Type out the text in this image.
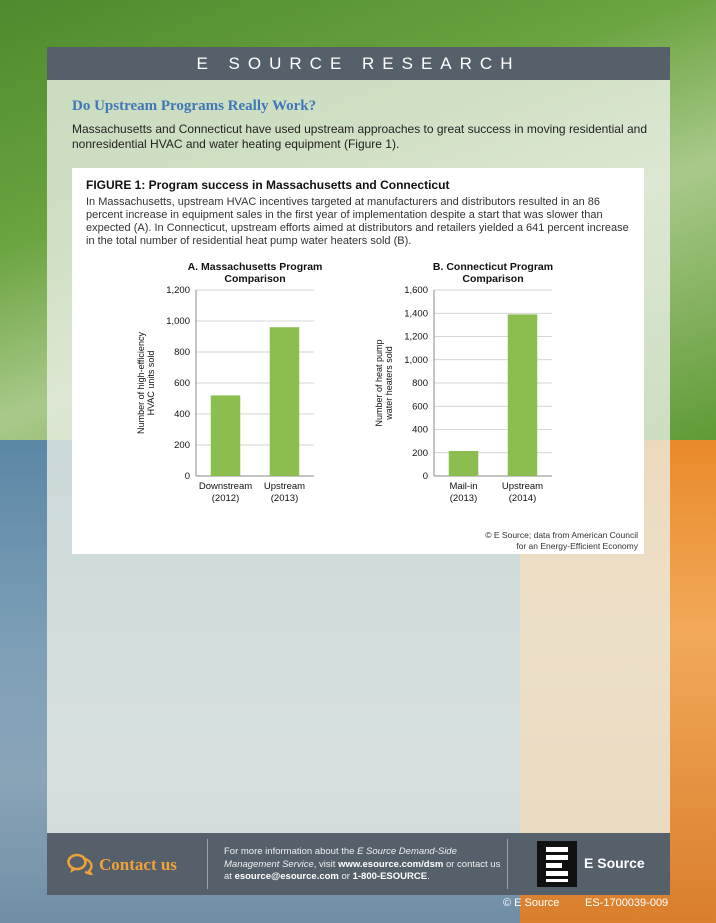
E SOURCE RESEARCH
Do Upstream Programs Really Work?

Massachusetts and Connecticut have used upstream approaches to great success in moving residential and nonresidential HVAC and water heating equipment (Figure 1).

FIGURE 1: Program success in Massachusetts and Connecticut

In Massachusetts, upstream HVAC incentives targeted at manufacturers and distributors resulted in an 86 percent increase in equipment sales in the first year of implementation despite a start that was slower than expected (A). In Connecticut, upstream efforts aimed at distributors and retailers yielded a 641 percent increase in the total number of residential heat pump water heaters sold (B).

A. Massachusetts Program
Comparison
0
200
400
600
800
1,000
1,200
Number of high-efficiency HVAC units sold
Downstream
(2012)
Upstream
(2013)
B. Connecticut Program
Comparison
0
200
400
600
800
1,000
1,200
1,400
1,600
Number of heat pump water heaters sold
Mail-in
(2013)
Upstream
(2014)

© E Source; data from American Council
for an Energy-Efficient Economy

Contact us

For more information about the E Source Demand-Side Management Service, visit www.esource.com/dsm or contact us at esource@esource.com or 1-800-ESOURCE.

E Source
© E Source ES-1700039-009
